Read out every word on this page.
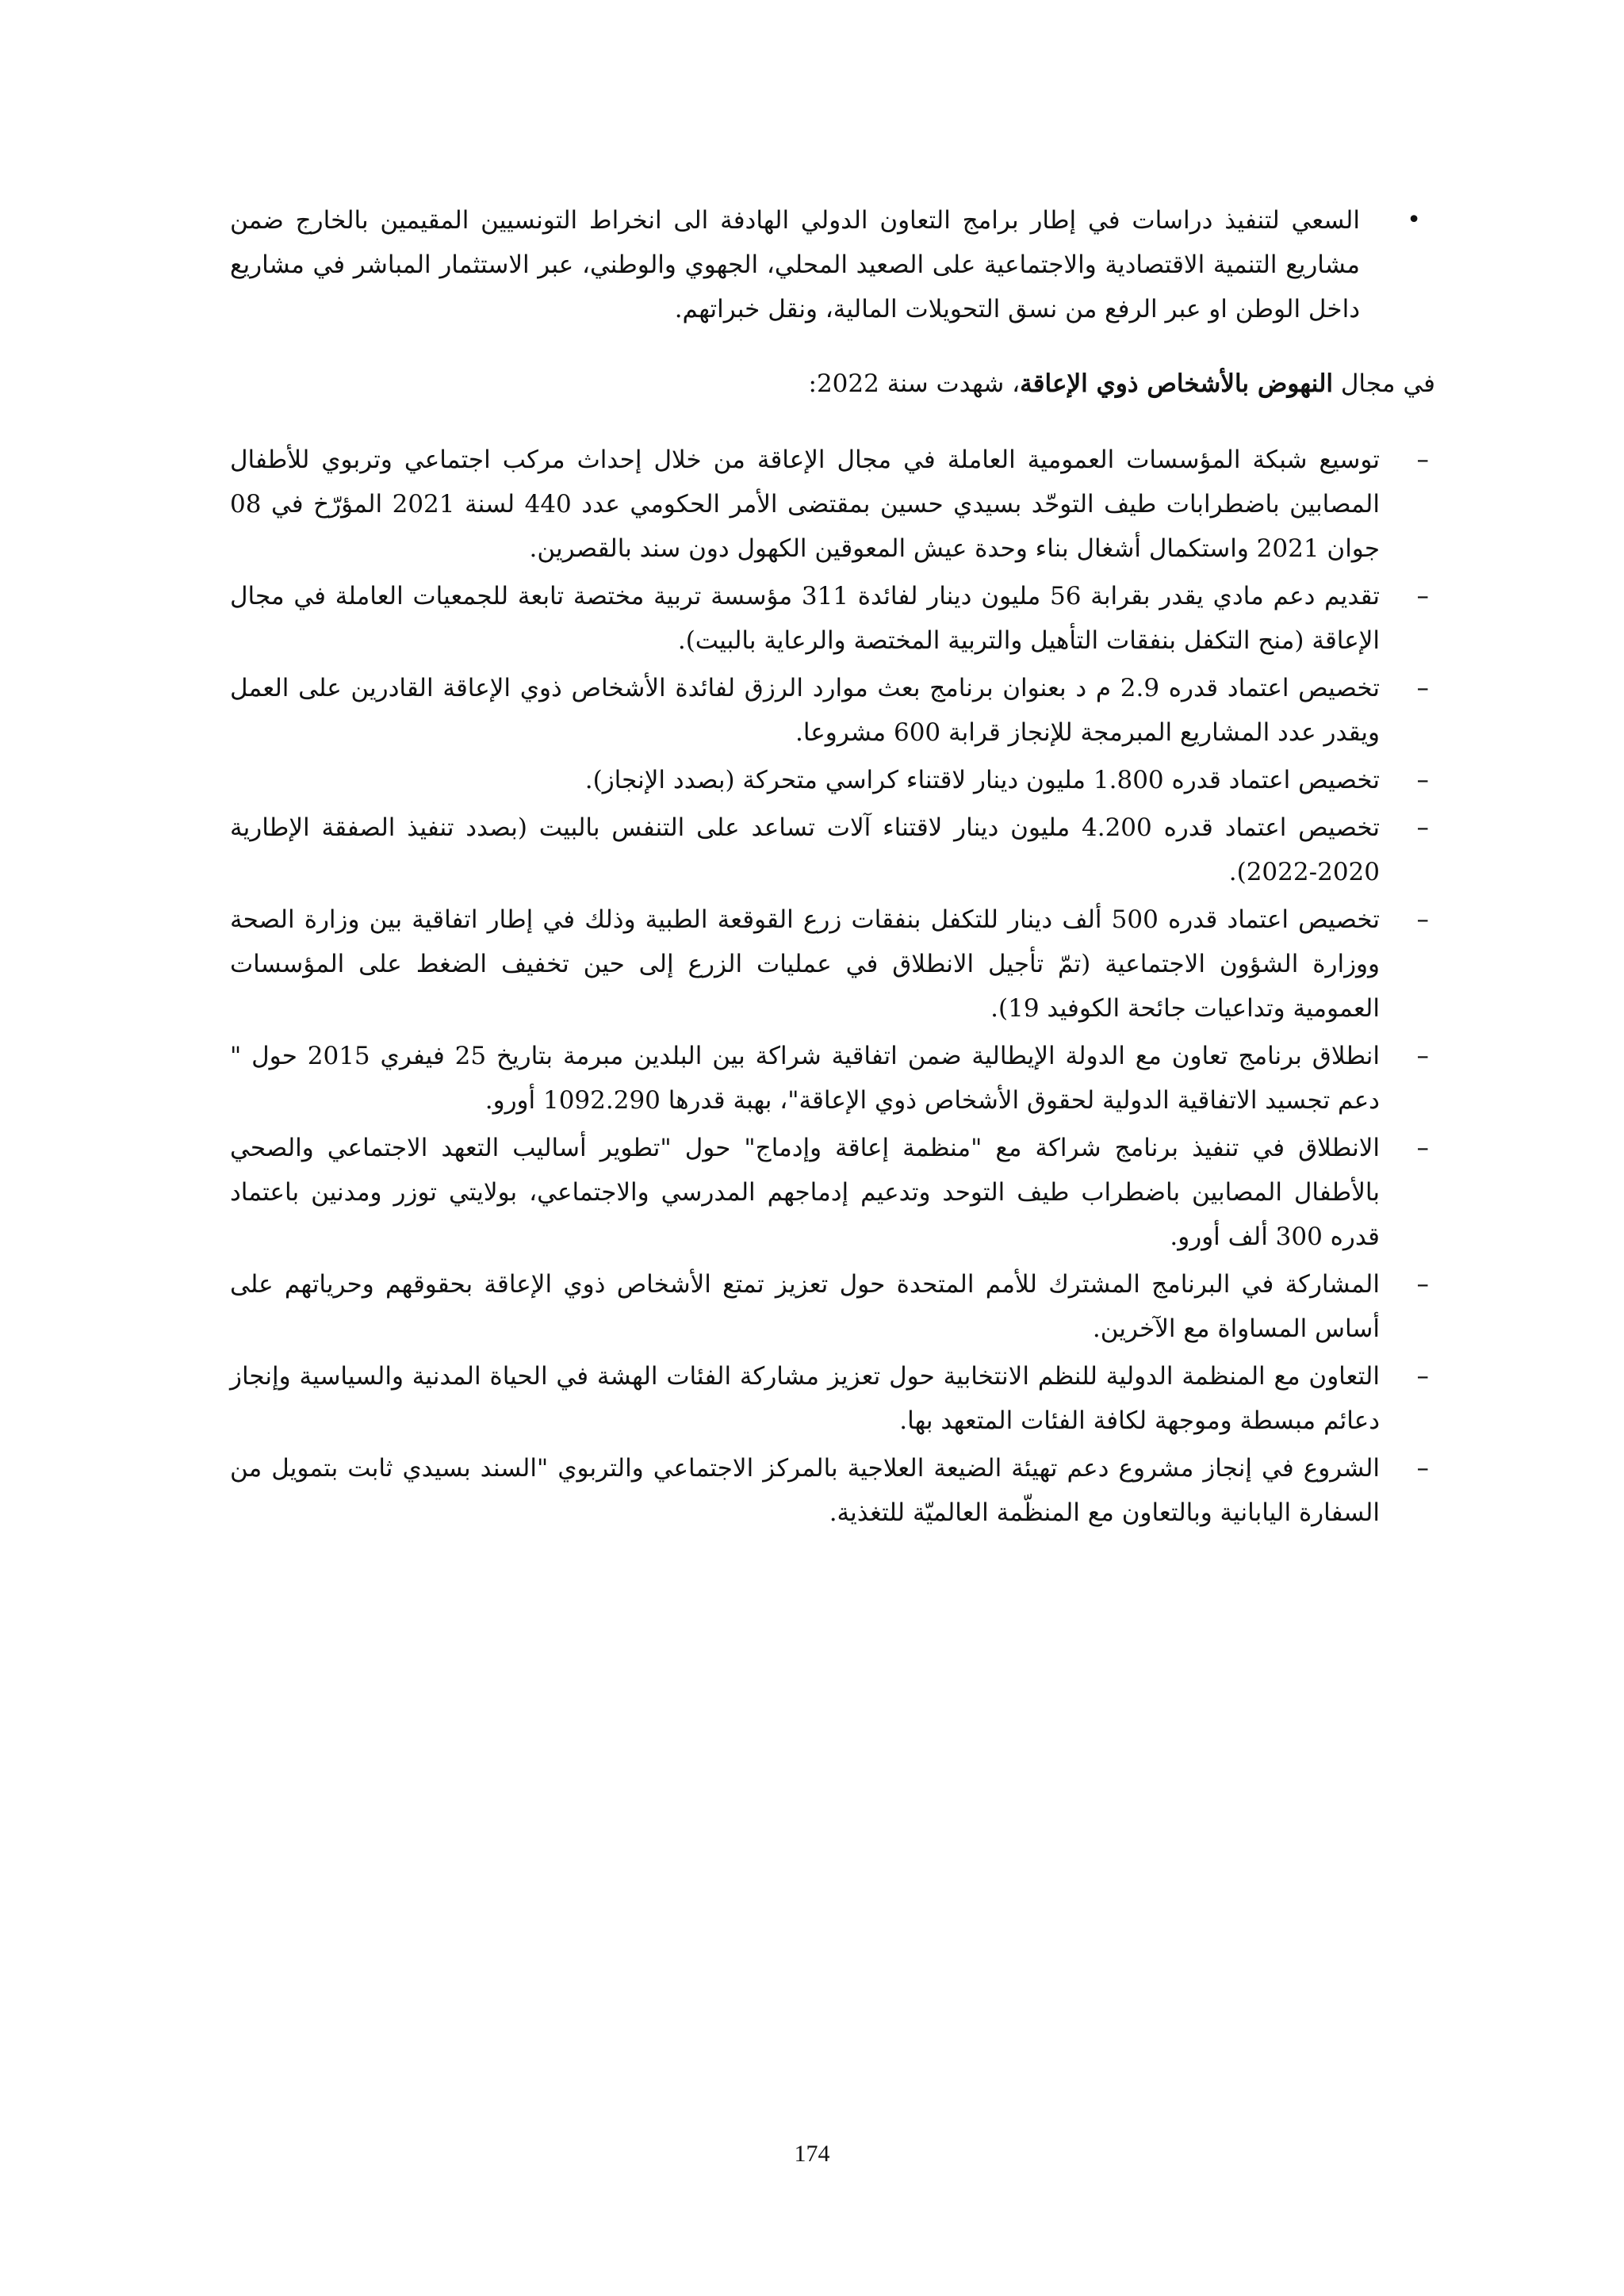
•
السعي لتنفيذ دراسات في إطار برامج التعاون الدولي الهادفة الى انخراط التونسيين المقيمين بالخارج ضمن مشاريع التنمية الاقتصادية والاجتماعية على الصعيد المحلي، الجهوي والوطني، عبر الاستثمار المباشر في مشاريع داخل الوطن او عبر الرفع من نسق التحويلات المالية، ونقل خبراتهم.

في مجال النهوض بالأشخاص ذوي الإعاقة، شهدت سنة 2022:

–
توسيع شبكة المؤسسات العمومية العاملة في مجال الإعاقة من خلال إحداث مركب اجتماعي وتربوي للأطفال المصابين باضطرابات طيف التوحّد بسيدي حسين بمقتضى الأمر الحكومي عدد 440 لسنة 2021 المؤرّخ في 08 جوان 2021 واستكمال أشغال بناء وحدة عيش المعوقين الكهول دون سند بالقصرين.
–
تقديم دعم مادي يقدر بقرابة 56 مليون دينار لفائدة 311 مؤسسة تربية مختصة تابعة للجمعيات العاملة في مجال الإعاقة (منح التكفل بنفقات التأهيل والتربية المختصة والرعاية بالبيت).
–
تخصيص اعتماد قدره 2.9 م د بعنوان برنامج بعث موارد الرزق لفائدة الأشخاص ذوي الإعاقة القادرين على العمل ويقدر عدد المشاريع المبرمجة للإنجاز قرابة 600 مشروعا.
–
تخصيص اعتماد قدره 1.800 مليون دينار لاقتناء كراسي متحركة (بصدد الإنجاز).
–
تخصيص اعتماد قدره 4.200 مليون دينار لاقتناء آلات تساعد على التنفس بالبيت (بصدد تنفيذ الصفقة الإطارية 2020-2022).
–
تخصيص اعتماد قدره 500 ألف دينار للتكفل بنفقات زرع القوقعة الطبية وذلك في إطار اتفاقية بين وزارة الصحة ووزارة الشؤون الاجتماعية (تمّ تأجيل الانطلاق في عمليات الزرع إلى حين تخفيف الضغط على المؤسسات العمومية وتداعيات جائحة الكوفيد 19).
–
انطلاق برنامج تعاون مع الدولة الإيطالية ضمن اتفاقية شراكة بين البلدين مبرمة بتاريخ 25 فيفري 2015 حول " دعم تجسيد الاتفاقية الدولية لحقوق الأشخاص ذوي الإعاقة"، بهبة قدرها 1092.290 أورو.
–
الانطلاق في تنفيذ برنامج شراكة مع "منظمة إعاقة وإدماج" حول "تطوير أساليب التعهد الاجتماعي والصحي بالأطفال المصابين باضطراب طيف التوحد وتدعيم إدماجهم المدرسي والاجتماعي، بولايتي توزر ومدنين باعتماد قدره 300 ألف أورو.
–
المشاركة في البرنامج المشترك للأمم المتحدة حول تعزيز تمتع الأشخاص ذوي الإعاقة بحقوقهم وحرياتهم على أساس المساواة مع الآخرين.
–
التعاون مع المنظمة الدولية للنظم الانتخابية حول تعزيز مشاركة الفئات الهشة في الحياة المدنية والسياسية وإنجاز دعائم مبسطة وموجهة لكافة الفئات المتعهد بها.
–
الشروع في إنجاز مشروع دعم تهيئة الضيعة العلاجية بالمركز الاجتماعي والتربوي "السند بسيدي ثابت بتمويل من السفارة اليابانية وبالتعاون مع المنظّمة العالميّة للتغذية.
174
